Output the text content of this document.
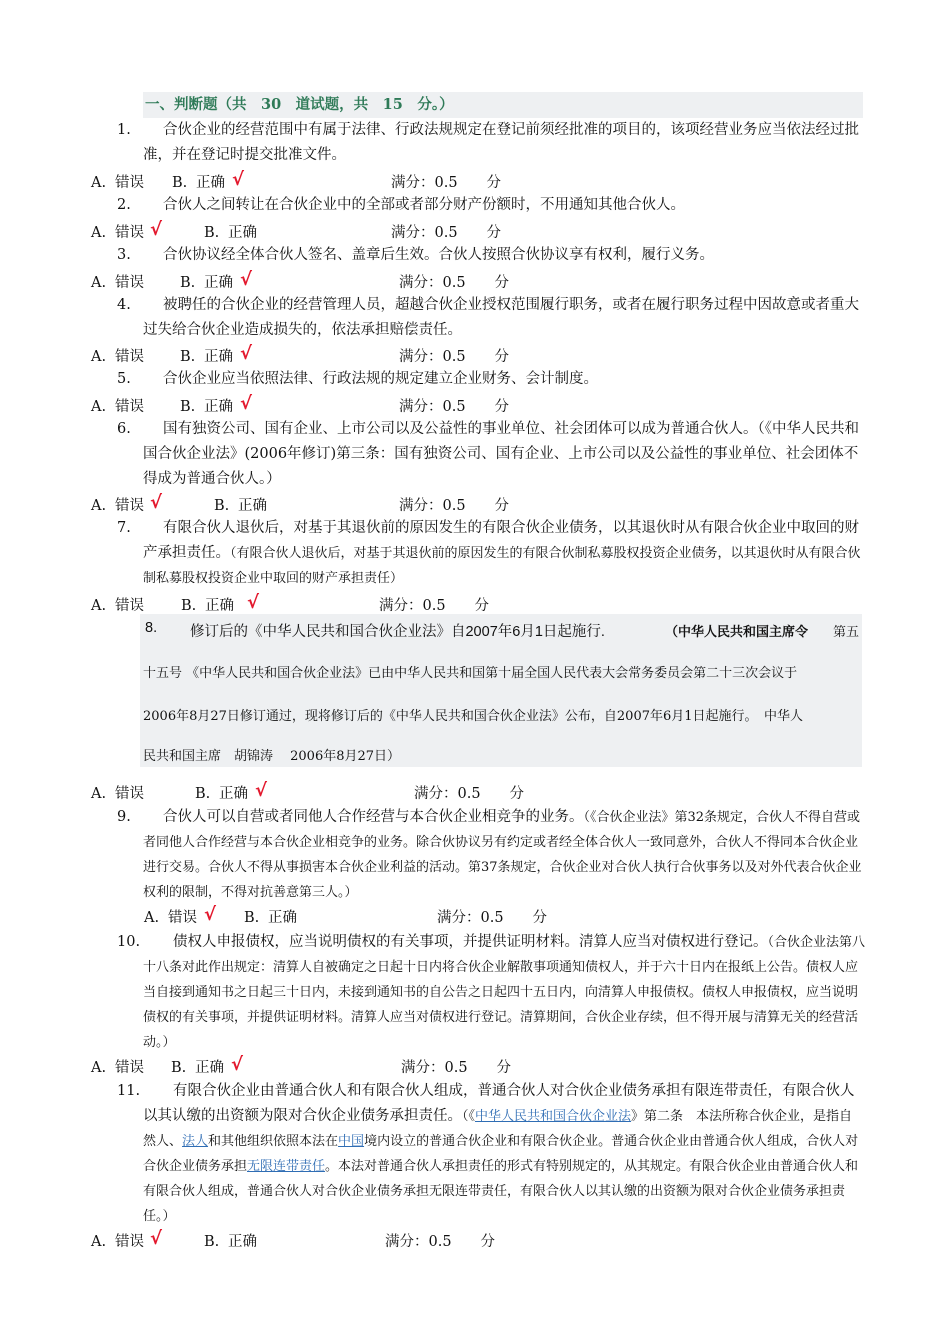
一、判断题（共　30　道试题，共　15　分。）
1.	合伙企业的经营范围中有属于法律、行政法规规定在登记前须经批准的项目的，该项经营业务应当依法经过批准，并在登记时提交批准文件。
A. 错误 B. 正确 √	满分：0.5　　分
2.	合伙人之间转让在合伙企业中的全部或者部分财产份额时，不用通知其他合伙人。
A. 错误 √	B. 正确	满分：0.5　　分
3.	合伙协议经全体合伙人签名、盖章后生效。合伙人按照合伙协议享有权利，履行义务。
A. 错误 B. 正确 √	满分：0.5　　分
4.	被聘任的合伙企业的经营管理人员，超越合伙企业授权范围履行职务，或者在履行职务过程中因故意或者重大过失给合伙企业造成损失的，依法承担赔偿责任。
A. 错误 B. 正确 √	满分：0.5　　分
5.	合伙企业应当依照法律、行政法规的规定建立企业财务、会计制度。
A. 错误 B. 正确 √	满分：0.5　　分
6.	国有独资公司、国有企业、上市公司以及公益性的事业单位、社会团体可以成为普通合伙人。（《中华人民共和国合伙企业法》(2006年修订)第三条：国有独资公司、国有企业、上市公司以及公益性的事业单位、社会团体不得成为普通合伙人。）
A. 错误 √	B. 正确	满分：0.5　　分
7.	有限合伙人退伙后，对基于其退伙前的原因发生的有限合伙企业债务，以其退伙时从有限合伙企业中取回的财产承担责任。（有限合伙人退伙后，对基于其退伙前的原因发生的有限合伙制私募股权投资企业债务，以其退伙时从有限合伙制私募股权投资企业中取回的财产承担责任）
A. 错误	B. 正确 √	满分：0.5　　分
8. 修订后的《中华人民共和国合伙企业法》自2007年6月1日起施行.	（中华人民共和国主席令 第五
十五号 《中华人民共和国合伙企业法》已由中华人民共和国第十届全国人民代表大会常务委员会第二十三次会议于
2006年8月27日修订通过，现将修订后的《中华人民共和国合伙企业法》公布，自2007年6月1日起施行。　中华人
民共和国主席　胡锦涛　 2006年8月27日）
A. 错误	B. 正确 √	满分：0.5　　分
9.	合伙人可以自营或者同他人合作经营与本合伙企业相竞争的业务。（《合伙企业法》第32条规定，合伙人不得自营或者同他人合作经营与本合伙企业相竞争的业务。除合伙协议另有约定或者经全体合伙人一致同意外，合伙人不得同本合伙企业进行交易。合伙人不得从事损害本合伙企业利益的活动。第37条规定，合伙企业对合伙人执行合伙事务以及对外代表合伙企业权利的限制，不得对抗善意第三人。）
A. 错误 √ B. 正确	满分：0.5　　分
10.	债权人申报债权，应当说明债权的有关事项，并提供证明材料。清算人应当对债权进行登记。（合伙企业法第八十八条对此作出规定：清算人自被确定之日起十日内将合伙企业解散事项通知债权人，并于六十日内在报纸上公告。债权人应当自接到通知书之日起三十日内，未接到通知书的自公告之日起四十五日内，向清算人申报债权。债权人申报债权，应当说明债权的有关事项，并提供证明材料。清算人应当对债权进行登记。清算期间，合伙企业存续，但不得开展与清算无关的经营活动。）
A. 错误 B. 正确 √	满分：0.5　　分
11.	有限合伙企业由普通合伙人和有限合伙人组成，普通合伙人对合伙企业债务承担有限连带责任，有限合伙人以其认缴的出资额为限对合伙企业债务承担责任。（《中华人民共和国合伙企业法》第二条　本法所称合伙企业，是指自然人、法人和其他组织依照本法在中国境内设立的普通合伙企业和有限合伙企业。普通合伙企业由普通合伙人组成，合伙人对合伙企业债务承担无限连带责任。本法对普通合伙人承担责任的形式有特别规定的，从其规定。有限合伙企业由普通合伙人和有限合伙人组成，普通合伙人对合伙企业债务承担无限连带责任，有限合伙人以其认缴的出资额为限对合伙企业债务承担责任。）
A. 错误 √	B. 正确	满分：0.5　　分
